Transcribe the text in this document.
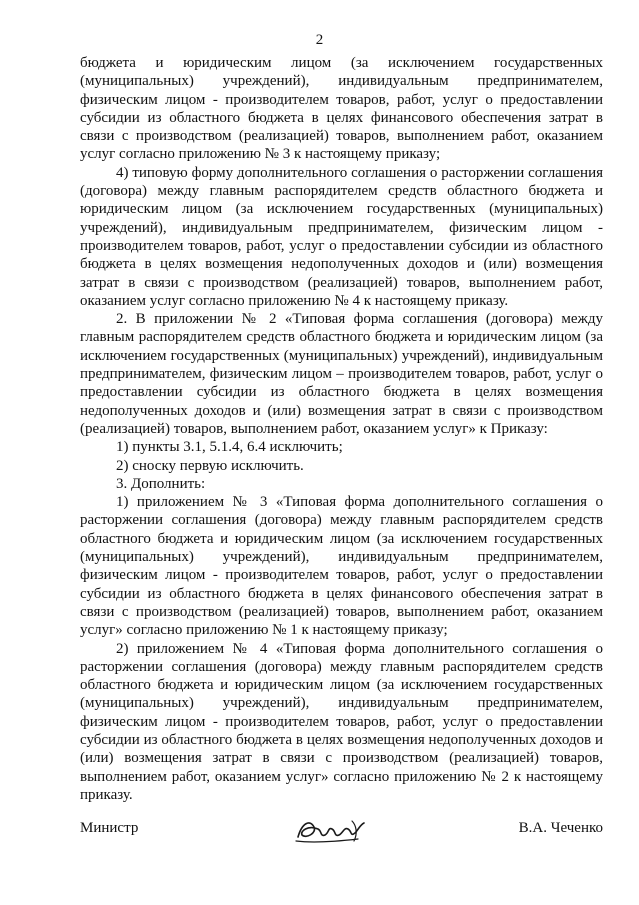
2

бюджета и юридическим лицом (за исключением государственных (муниципальных) учреждений), индивидуальным предпринимателем, физическим лицом - производителем товаров, работ, услуг о предоставлении субсидии из областного бюджета в целях финансового обеспечения затрат в связи с производством (реализацией) товаров, выполнением работ, оказанием услуг согласно приложению № 3 к настоящему приказу;

4) типовую форму дополнительного соглашения о расторжении соглашения (договора) между главным распорядителем средств областного бюджета и юридическим лицом (за исключением государственных (муниципальных) учреждений), индивидуальным предпринимателем, физическим лицом - производителем товаров, работ, услуг о предоставлении субсидии из областного бюджета в целях возмещения недополученных доходов и (или) возмещения затрат в связи с производством (реализацией) товаров, выполнением работ, оказанием услуг согласно приложению № 4 к настоящему приказу.

2. В приложении № 2 «Типовая форма соглашения (договора) между главным распорядителем средств областного бюджета и юридическим лицом (за исключением государственных (муниципальных) учреждений), индивидуальным предпринимателем, физическим лицом – производителем товаров, работ, услуг о предоставлении субсидии из областного бюджета в целях возмещения недополученных доходов и (или) возмещения затрат в связи с производством (реализацией) товаров, выполнением работ, оказанием услуг» к Приказу:

1) пункты 3.1, 5.1.4, 6.4 исключить;

2) сноску первую исключить.

3. Дополнить:

1) приложением № 3 «Типовая форма дополнительного соглашения о расторжении соглашения (договора) между главным распорядителем средств областного бюджета и юридическим лицом (за исключением государственных (муниципальных) учреждений), индивидуальным предпринимателем, физическим лицом - производителем товаров, работ, услуг о предоставлении субсидии из областного бюджета в целях финансового обеспечения затрат в связи с производством (реализацией) товаров, выполнением работ, оказанием услуг» согласно приложению № 1 к настоящему приказу;

2) приложением № 4 «Типовая форма дополнительного соглашения о расторжении соглашения (договора) между главным распорядителем средств областного бюджета и юридическим лицом (за исключением государственных (муниципальных) учреждений), индивидуальным предпринимателем, физическим лицом - производителем товаров, работ, услуг о предоставлении субсидии из областного бюджета в целях возмещения недополученных доходов и (или) возмещения затрат в связи с производством (реализацией) товаров, выполнением работ, оказанием услуг» согласно приложению № 2 к настоящему приказу.

Министр	В.А. Чеченко
